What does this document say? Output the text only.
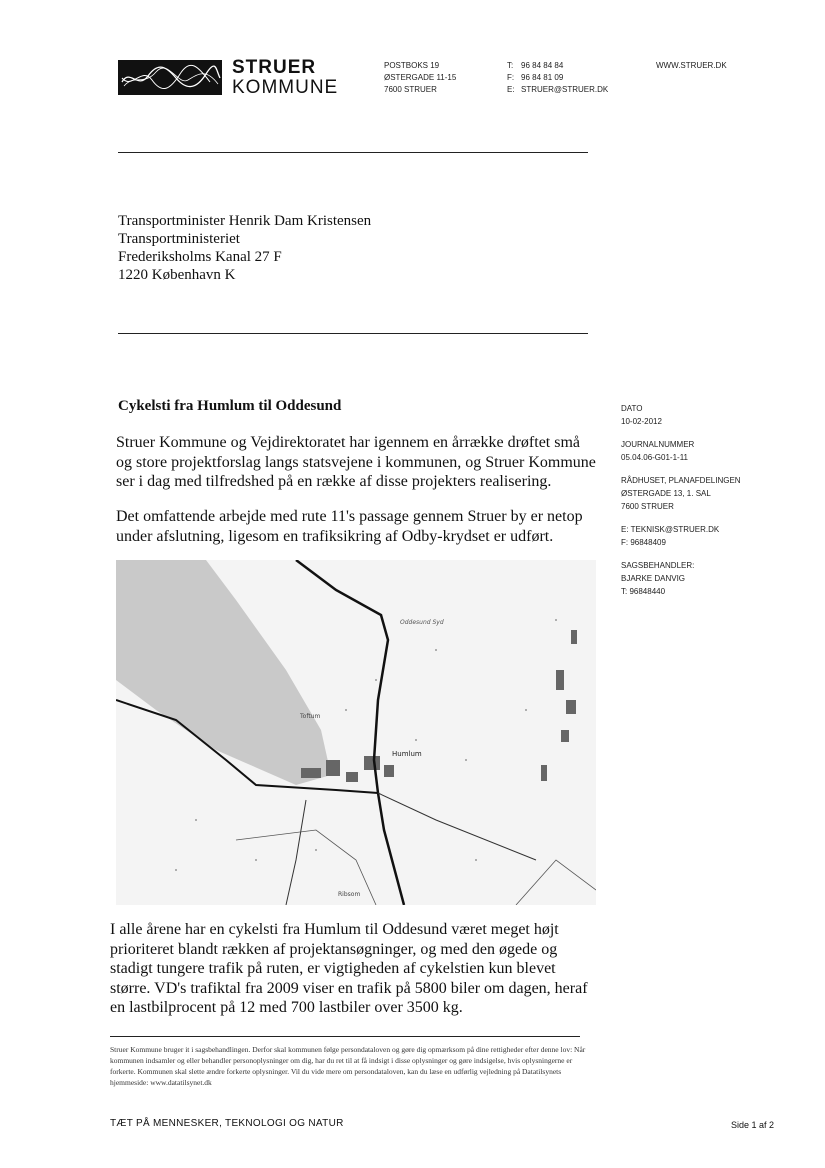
STRUER
KOMMUNE
POSTBOKS 19
ØSTERGADE 11-15
7600 STRUER
T: 96 84 84 84
F: 96 84 81 09
E: STRUER@STRUER.DK
WWW.STRUER.DK
Transportminister Henrik Dam Kristensen
Transportministeriet
Frederiksholms Kanal 27 F
1220 København K
Cykelsti fra Humlum til Oddesund
Struer Kommune og Vejdirektoratet har igennem en årrække drøftet små og store projektforslag langs statsvejene i kommunen, og Struer Kommune ser i dag med tilfredshed på en række af disse projekters realisering.
Det omfattende arbejde med rute 11's passage gennem Struer by er netop under afslutning, ligesom en trafiksikring af Odby-krydset er udført.
DATO
10-02-2012
JOURNALNUMMER
05.04.06-G01-1-11
RÅDHUSET, PLANAFDELINGEN
ØSTERGADE 13, 1. SAL
7600 STRUER
E: TEKNISK@STRUER.DK
F: 96848409
SAGSBEHANDLER:
BJARKE DANVIG
T: 96848440
Oddesund Syd
Toftum
Humlum
Ribsom
I alle årene har en cykelsti fra Humlum til Oddesund været meget højt prioriteret blandt rækken af projektansøgninger, og med den øgede og stadigt tungere trafik på ruten, er vigtigheden af cykelstien kun blevet større. VD's trafiktal fra 2009 viser en trafik på 5800 biler om dagen, heraf en lastbilprocent på 12 med 700 lastbiler over 3500 kg.
Struer Kommune bruger it i sagsbehandlingen. Derfor skal kommunen følge persondataloven og gøre dig opmærksom på dine rettigheder efter denne lov: Når kommunen indsamler og eller behandler personoplysninger om dig, har du ret til at få indsigt i disse oplysninger og gøre indsigelse, hvis oplysningerne er forkerte. Kommunen skal slette ændre forkerte oplysninger. Vil du vide mere om persondataloven, kan du læse en udførlig vejledning på Datatilsynets hjemmeside: www.datatilsynet.dk
TÆT PÅ MENNESKER, TEKNOLOGI OG NATUR	Side 1 af 2
